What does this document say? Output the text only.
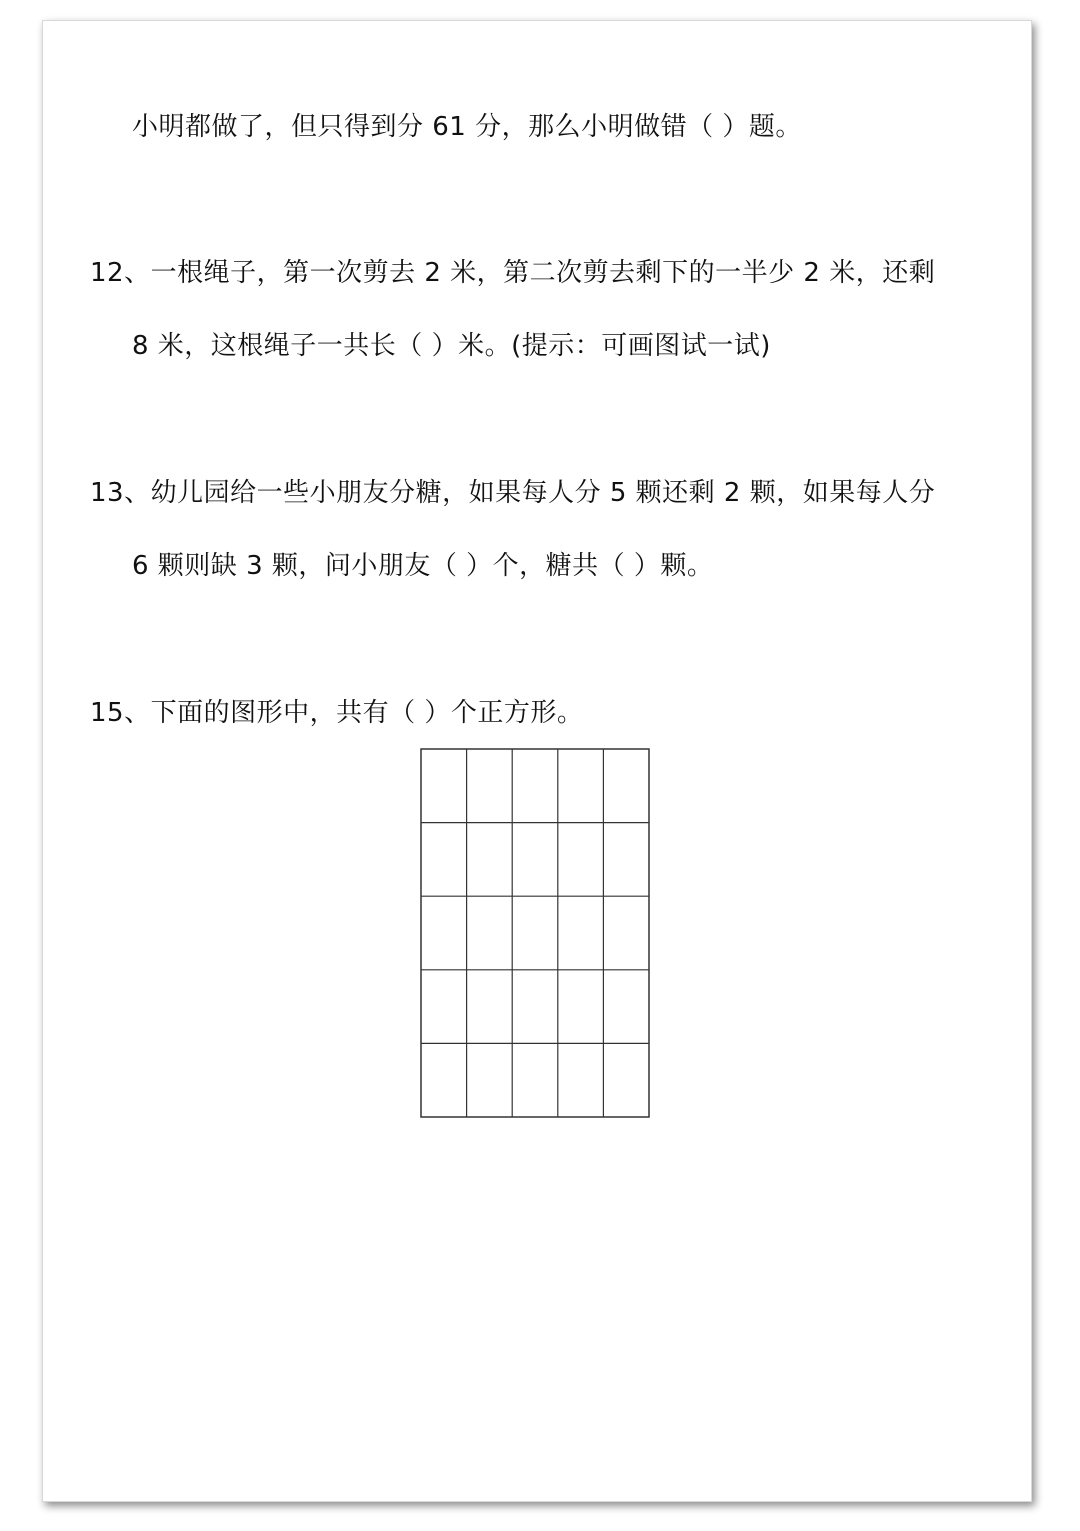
小明都做了，但只得到分 61 分，那么小明做错（ ）题。
12、一根绳子，第一次剪去 2 米，第二次剪去剩下的一半少 2 米，还剩
8 米，这根绳子一共长（ ）米。(提示：可画图试一试)
13、幼儿园给一些小朋友分糖，如果每人分 5 颗还剩 2 颗，如果每人分
6 颗则缺 3 颗，问小朋友（ ）个，糖共（ ）颗。
15、下面的图形中，共有（ ）个正方形。
